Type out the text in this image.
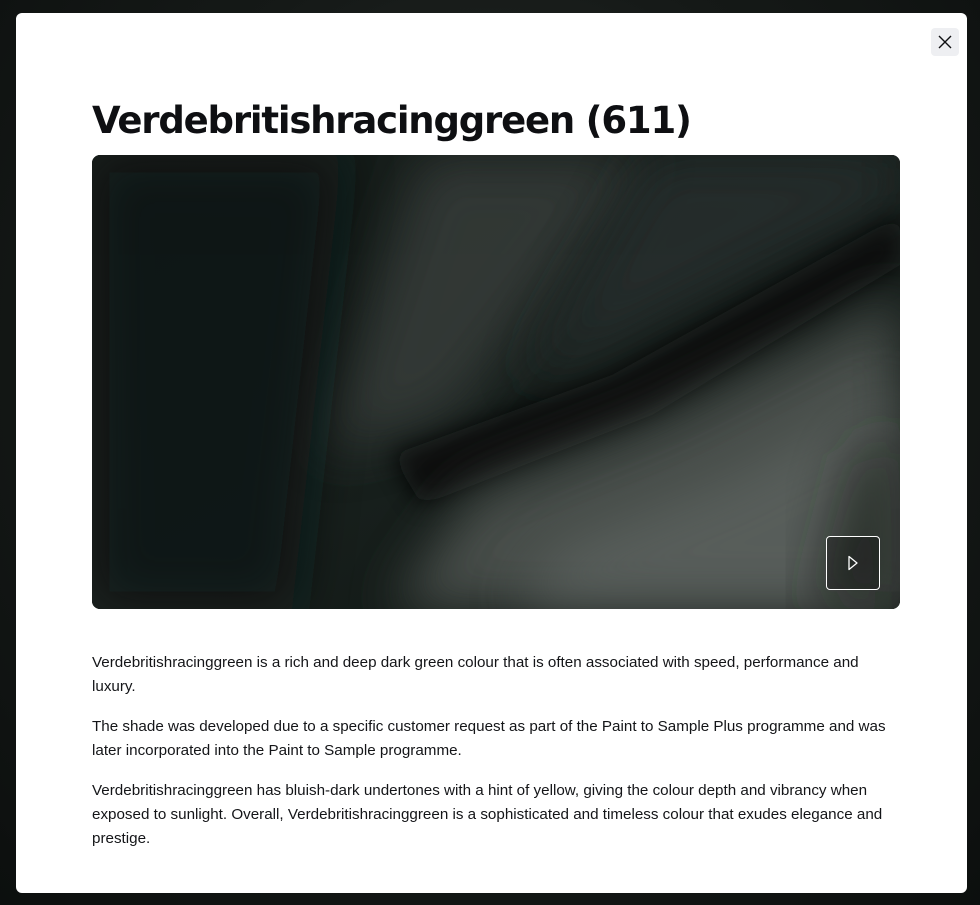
Verdebritishracinggreen (611)

Verdebritishracinggreen is a rich and deep dark green colour that is often associated with speed, performance and luxury.

The shade was developed due to a specific customer request as part of the Paint to Sample Plus programme and was later incorporated into the Paint to Sample programme.

Verdebritishracinggreen has bluish-dark undertones with a hint of yellow, giving the colour depth and vibrancy when exposed to sunlight. Overall, Verdebritishracinggreen is a sophisticated and timeless colour that exudes elegance and prestige.
